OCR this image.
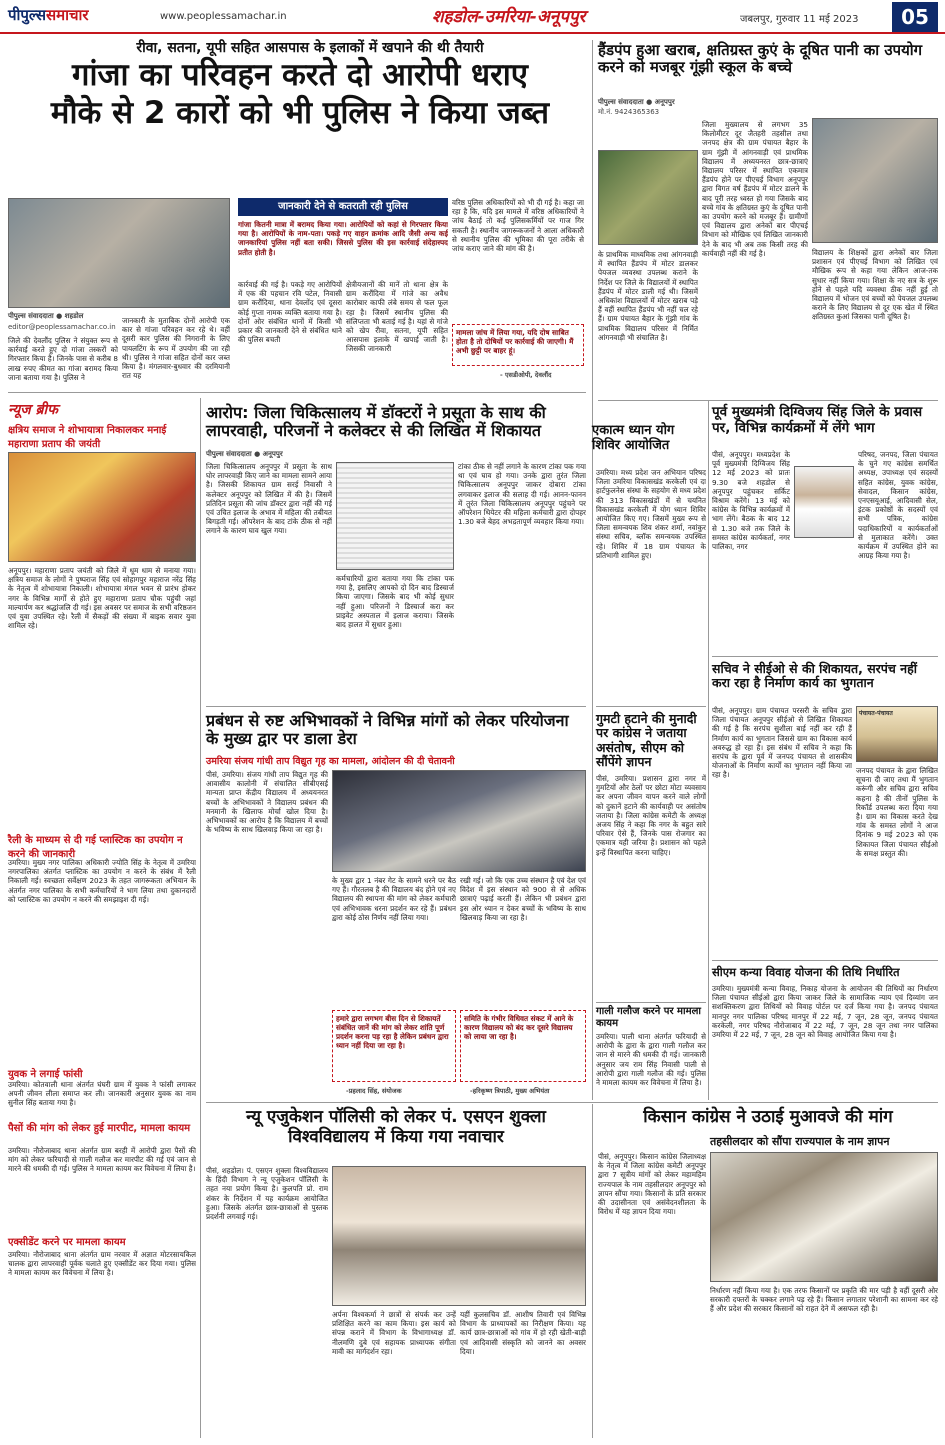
पीपुल्ससमाचार	www.peoplessamachar.in	शहडोल-उमरिया-अनूपपुर	जबलपुर, गुरुवार 11 मई 2023	05
रीवा, सतना, यूपी सहित आसपास के इलाकों में खपाने की थी तैयारी
गांजा का परिवहन करते दो आरोपी धराए
मौके से 2 कारों को भी पुलिस ने किया जब्त
पीपुल्स संवाददाता ● शहडोल
editor@peoplessamachar.co.in
जानकारी देने से कतराती रही पुलिस
गांजा कितनी मात्रा में बरामद किया गया। आरोपियों को कहां से गिरफ्तार किया गया है। आरोपियों के नाम-पता। पकड़े गए वाहन क्रमांक आदि जैसी अन्य कई जानकारियां पुलिस नहीं बता सकी। जिससे पुलिस की इस कार्रवाई संदेहास्पद प्रतीत होती है।
जिले की देवलौंद पुलिस ने संयुक्त रूप से कार्रवाई करते हुए दो गांजा तस्करों को गिरफ्तार किया है। जिनके पास से करीब 8 लाख रुपए कीमत का गांजा बरामद किया जाना बताया गया है। पुलिस ने
जानकारी के मुताबिक दोनों आरोपी एक कार से गांजा परिवहन कर रहे थे। वहीं दूसरी कार पुलिस की निगरानी के लिए पायलटिंग के रूप में उपयोग की जा रही थी। पुलिस ने गांजा सहित दोनों कार जब्त किया है। मंगलवार-बुधवार की दरमियानी रात यह
कार्रवाई की गई है। पकड़े गए आरोपियों में एक की पहचान रवि पटेल, निवासी ग्राम करौंदिया, थाना देवलोंद एवं दूसरा कोई गुप्ता नामक व्यक्ति बताया गया है। दोनों ओर संबंधित थानों में किसी भी प्रकार की जानकारी देने से संबंधित थाने की पुलिस बचती
क्षेत्रीयजानों की मानें तो थाना क्षेत्र के ग्राम करौंदिया में गांजे का अवैध कारोबार काफी लंबे समय से फल फूल रहा है। जिसमें स्थानीय पुलिस की संलिप्तता भी बताई गई है। यहां से गांजे को खेप रीवा, सतना, यूपी सहित आसपास इलाके में खपाई जाती है। जिसकी जानकारी
वरिष्ठ पुलिस अधिकारियों को भी दी गई है। कहा जा रहा है कि, यदि इस मामले में वरिष्ठ अधिकारियों ने जांच बैठाई तो कई पुलिसकर्मियों पर गाज गिर सकती है। स्थानीय जागरूकजनों ने आला अधिकारी से स्थानीय पुलिस की भूमिका की पूरा तरीके से जांच कराए जाने की मांग की है।
मामला जांच में लिया गया, यदि दोष साबित होता है तो दोषियों पर कार्रवाई की जाएगी। मैं अभी छुट्टी पर बाहर हूं।
- एसडीओपी, देवलौंद
हैंडपंप हुआ खराब, क्षतिग्रस्त कुएं के दूषित पानी का उपयोग करने को मजबूर गूंझी स्कूल के बच्चे
पीपुल्स संवाददाता ● अनूपपुर
मो.नं. 9424365363
जिला मुख्यालय से लगभग 35 किलोमीटर दूर जैतहरी तहसील तथा जनपद क्षेत्र की ग्राम पंचायत बैहार के ग्राम गूंझी में आंगनवाड़ी एवं प्राथमिक विद्यालय में अध्ययनरत छात्र-छात्राएं विद्यालय परिसर में स्थापित एकमात्र हैंडपंप होने पर पीएचई विभाग अनूपपुर द्वारा विगत वर्ष हैंडपंप में मोटर डालने के बाद पूरी तरह ध्वस्त हो गया जिसके बाद बच्चे गांव के क्षतिग्रस्त कुएं के दूषित पानी का उपयोग करने को मजबूर हैं। ग्रामीणों एवं विद्यालय द्वारा अनेकों बार पीएचई विभाग को मौखिक एवं लिखित जानकारी देने के बाद भी अब तक किसी तरह की कार्यवाही नहीं की गई है।
के प्राथमिक माध्यमिक तथा आंगनवाड़ी में स्थापित हैंडपंप में मोटर डालकर पेयजल व्यवस्था उपलब्ध कराने के निर्देश पर जिले के विद्यालयों में स्थापित हैंडपंप में मोटर डाली गई थी। जिसमें अधिकांश विद्यालयों में मोटर खराब पड़े हैं वहीं स्थापित हैंडपंप भी नहीं चल रहे हैं। ग्राम पंचायत बैहार के गूंझी गांव के प्राथमिक विद्यालय परिसर में निर्मित आंगनवाड़ी भी संचालित है।
विद्यालय के शिक्षकों द्वारा अनेकों बार जिला प्रशासन एवं पीएचई विभाग को लिखित एवं मौखिक रूप से कहा गया लेकिन आज-तक सुधार नहीं किया गया। शिक्षा के नए सत्र के शुरू होने से पहले यदि व्यवस्था ठीक नहीं हुई तो विद्यालय में भोजन एवं बच्चों को पेयजल उपलब्ध कराने के लिए विद्यालय से दूर एक खेत में स्थित क्षतिग्रस्त कुआं जिसका पानी दूषित है।
पूर्व मुख्यमंत्री दिग्विजय सिंह जिले के प्रवास पर, विभिन्न कार्यक्रमों में लेंगे भाग
पीसं, अनूपपुर। मध्यप्रदेश के पूर्व मुख्यमंत्री दिग्विजय सिंह 12 मई 2023 को प्रातः 9.30 बजे शहडोल से अनूपपुर पहुंचकर सर्किट विश्राम करेंगे। 13 मई को कांग्रेस के विभिन्न कार्यक्रमों में भाग लेंगे। बैठक के बाद 12 से 1.30 बजे तक जिले के समस्त कांग्रेस कार्यकर्ता, नगर पालिका, नगर
परिषद, जनपद, जिला पंचायत के चुने गए कांग्रेस समर्थित अध्यक्ष, उपाध्यक्ष एवं सदस्यों सहित कांग्रेस, युवक कांग्रेस, सेवादल, किसान कांग्रेस, एनएसयूआई, आदिवासी सेल, इंटक प्रकोष्ठों के सदस्यों एवं सभी पत्रिक, कांग्रेस पदाधिकारियों व कार्यकर्ताओं से मुलाकात करेंगे। उक्त कार्यक्रम में उपस्थित होने का आग्रह किया गया है।
सचिव ने सीईओ से की शिकायत, सरपंच नहीं करा रहा है निर्माण कार्य का भुगतान
पंचायत-पंचायत
पीसं, अनूपपुर। ग्राम पंचायत परसरी के सचिव द्वारा जिला पंचायत अनूपपुर सीईओ से लिखित शिकायत की गई है कि सरपंच सुशीला बाई नहीं कर रही हैं निर्माण कार्य का भुगतान जिससे ग्राम का विकास कार्य अवरुद्ध हो रहा है। इस संबंध में सचिव ने कहा कि सरपंच के द्वारा पूर्व में जनपद पंचायत से शासकीय योजनाओं के निर्माण कार्यों का भुगतान नहीं किया जा रहा है।	जनपद पंचायत के द्वारा लिखित सूचना दी जाए तथा मैं भुगतान करूंगी और सचिव द्वारा सचिव कहना है की तीनों पुलिस के रिकॉर्ड उपलब्ध करा दिया गया है। ग्राम का विकास करते देख गांव के समस्त लोगों ने आज दिनांक 9 मई 2023 को एक शिकायत जिला पंचायत सीईओ के समक्ष प्रस्तुत की।
सीएम कन्या विवाह योजना की तिथि निर्धारित
उमरिया। मुख्यमंत्री कन्या विवाह, निकाह योजना के आयोजन की तिथियों का निर्धारण जिला पंचायत सीईओ द्वारा किया जाकर जिले के सामाजिक न्याय एवं दिव्यांग जन सशक्तिकरण द्वारा तिथियों को विवाह पोर्टल पर दर्ज किया गया है। जनपद पंचायत मानपुर नगर पालिका परिषद मानपुर में 22 मई, 7 जून, 28 जून, जनपद पंचायत करकेली, नगर परिषद नौरोजाबाद में 22 मई, 7 जून, 28 जून तथा नगर पालिका उमरिया में 22 मई, 7 जून, 28 जून को विवाह आयोजित किया गया है।
न्यूज ब्रीफ
क्षत्रिय समाज ने शोभायात्रा निकालकर मनाई महाराणा प्रताप की जयंती
अनूपपुर। महाराणा प्रताप जयंती को जिले में धूम धाम से मनाया गया। क्षत्रिय समाज के लोगों ने पुष्पराज सिंह एवं सोहागपुर महाराज नरेंद्र सिंह के नेतृत्व में शोभायात्रा निकाली। शोभायात्रा मंगल भवन से प्रारंभ होकर नगर के विभिन्न मार्गों से होते हुए महाराणा प्रताप चौक पहुंची जहां माल्यार्पण कर श्रद्धांजलि दी गई। इस अवसर पर समाज के सभी वरिष्ठजन एवं युवा उपस्थित रहे। रैली में सैकड़ों की संख्या में बाइक सवार युवा शामिल रहे।
रैली के माध्यम से दी गई प्लास्टिक का उपयोग न करने की जानकारी
उमरिया। मुख्य नगर पालिका अधिकारी ज्योति सिंह के नेतृत्व में उमरिया नगरपालिका अंतर्गत प्लास्टिक का उपयोग न करने के संबंध में रैली निकाली गई। स्वच्छता सर्वेक्षण 2023 के तहत जागरूकता अभियान के अंतर्गत नगर पालिका के सभी कर्मचारियों ने भाग लिया तथा दुकानदारों को प्लास्टिक का उपयोग न करने की समझाइश दी गई।
युवक ने लगाई फांसी
उमरिया। कोतवाली थाना अंतर्गत घंघरी ग्राम में युवक ने फांसी लगाकर अपनी जीवन लीला समाप्त कर ली। जानकारी अनुसार युवक का नाम सुनील सिंह बताया गया है।
पैसों की मांग को लेकर हुई मारपीट, मामला कायम
उमरिया। नौरोजाबाद थाना अंतर्गत ग्राम बरही में आरोपी द्वारा पैसों की मांग को लेकर फरियादी से गाली गलौज कर मारपीट की गई एवं जान से मारने की धमकी दी गई। पुलिस ने मामला कायम कर विवेचना में लिया है।
एक्सीडेंट करने पर मामला कायम
उमरिया। नौरोजाबाद थाना अंतर्गत ग्राम नरवार में अज्ञात मोटरसायकिल चालक द्वारा लापरवाही पूर्वक चलाते हुए एक्सीडेंट कर दिया गया। पुलिस ने मामला कायम कर विवेचना में लिया है।
आरोप: जिला चिकित्सालय में डॉक्टरों ने प्रसूता के साथ की लापरवाही, परिजनों ने कलेक्टर से की लिखित में शिकायत
पीपुल्स संवाददाता ● अनूपपुर
जिला चिकित्सालय अनूपपुर में प्रसूता के साथ घोर लापरवाही किए जाने का मामला सामने आया है। जिसकी शिकायत ग्राम सरई निवासी ने कलेक्टर अनूपपुर को लिखित में की है। जिसमें प्रतिदिन प्रसूता की जांच डॉक्टर द्वारा नहीं की गई एवं उचित इलाज के अभाव में महिला की तबीयत बिगड़ती गई। ऑपरेशन के बाद टांके ठीक से नहीं लगाने के कारण घाव खुल गया।
कर्मचारियों द्वारा बताया गया कि टांका पक गया है, इसलिए आपको दो दिन बाद डिस्चार्ज किया जाएगा। जिसके बाद भी कोई सुधार नहीं हुआ। परिजनों ने डिस्चार्ज करा कर प्राइवेट अस्पताल में इलाज कराया। जिसके बाद हालत में सुधार हुआ।
टांका ठीक से नहीं लगाने के कारण टांका पक गया था एवं घाव हो गया। उनके द्वारा तुरंत जिला चिकित्सालय अनूपपुर जाकर दोबारा टांका लगवाकर इलाज की सलाह दी गई। आनन-फानन में तुरंत जिला चिकित्सालय अनूपपुर पहुंचने पर ऑपरेशन थियेटर की महिला कर्मचारी द्वारा दोपहर 1.30 बजे बेहद अभद्रतापूर्ण व्यवहार किया गया।
एकात्म ध्यान योग शिविर आयोजित
उमरिया। मध्य प्रदेश जन अभियान परिषद जिला उमरिया विकासखंड करकेली एवं दा हार्टफुलनेस संस्था के सहयोग से मध्य प्रदेश की 313 विकासखंडों में से चयनित विकासखंड करकेली में योग ध्यान शिविर आयोजित किए गए। जिसमें मुख्य रूप से जिला समन्वयक शिव शंकर शर्मा, नवांकुर संस्था सचिव, ब्लॉक समन्वयक उपस्थित रहे। शिविर में 18 ग्राम पंचायत के प्रतिभागी शामिल हुए।
प्रबंधन से रुष्ट अभिभावकों ने विभिन्न मांगों को लेकर परियोजना के मुख्य द्वार पर डाला डेरा
उमरिया संजय गांधी ताप विद्युत गृह का मामला, आंदोलन की दी चेतावनी
पीसं, उमरिया। संजय गांधी ताप विद्युत गृह की आवासीय कालोनी में संचालित सीबीएसई मान्यता प्राप्त केंद्रीय विद्यालय में अध्ययनरत बच्चों के अभिभावकों ने विद्यालय प्रबंधन की मनमानी के खिलाफ मोर्चा खोल दिया है। अभिभावकों का आरोप है कि विद्यालय में बच्चों के भविष्य के साथ खिलवाड़ किया जा रहा है।
के मुख्य द्वार 1 नंबर गेट के सामने धरने पर बैठ गए हैं। गौरतलब है की विद्यालय बंद होने एवं नए विद्यालय की स्थापना की मांग को लेकर कर्मचारी एवं अभिभावक धरना प्रदर्शन कर रहे हैं। प्रबंधन द्वारा कोई ठोस निर्णय नहीं लिया गया।
रखी गई। जो कि एक उच्च संस्थान है एवं देश एवं विदेश में इस संस्थान को 900 से से अधिक छात्राएं पढ़ाई करती हैं। लेकिन भी प्रबंधन द्वारा इस ओर ध्यान न देकर बच्चों के भविष्य के साथ खिलवाड़ किया जा रहा है।
हमारे द्वारा लगभग बीस दिन से शिकायतें संबंधित जानें की मांग को लेकर शांति पूर्ण प्रदर्शन करना पड़ रहा है लेकिन प्रबंधन द्वारा ध्यान नहीं दिया जा रहा है।
-प्रहलाद सिंह, संयोजक
समिति के गंभीर विधिवत संकट में आने के कारण विद्यालय को बंद कर दूसरे विद्यालय को लाया जा रहा है।
-हरिकृष्ण त्रिपाठी, मुख्य अभियंता
गुमटी हटाने की मुनादी पर कांग्रेस ने जताया असंतोष, सीएम को सौंपेंगे ज्ञापन
पीसं, उमरिया। प्रशासन द्वारा नगर में गुमटियों और ठेलों पर छोटा मोटा व्यवसाय कर अपना जीवन यापन करने वाले लोगों को दुकानें हटाने की कार्यवाही पर असंतोष जताया है। जिला कांग्रेस कमेटी के अध्यक्ष अजय सिंह ने कहा कि नगर के बहुत सारे परिवार ऐसे हैं, जिनके पास रोजगार का एकमात्र यही जरिया है। प्रशासन को पहले इन्हें विस्थापित करना चाहिए।
गाली गलौज करने पर मामला कायम
उमरिया। पाली थाना अंतर्गत फरियादी से आरोपी के द्वारा के द्वारा गाली गलौज कर जान से मारने की धमकी दी गई। जानकारी अनुसार जय राम सिंह निवासी पाली से आरोपी द्वारा गाली गलौज की गई। पुलिस ने मामला कायम कर विवेचना में लिया है।
न्यू एजुकेशन पॉलिसी को लेकर पं. एसएन शुक्ला विश्वविद्यालय में किया गया नवाचार
पीसं, शहडोल। पं. एसएन शुक्ला विश्वविद्यालय के हिंदी विभाग ने न्यू एजुकेशन पॉलिसी के तहत नया प्रयोग किया है। कुलपति प्रो. राम शंकर के निर्देशन में यह कार्यक्रम आयोजित हुआ। जिसके अंतर्गत छात्र-छात्राओं से पुस्तक प्रदर्शनी लगवाई गई।
अर्पना विश्वकर्मा ने छात्रों से संपर्क कर उन्हें प्रशिक्षित करने का काम किया। इस कार्य को संपन्न कराने में विभाग के विभागाध्यक्ष डॉ. नीलमणि दुबे एवं सहायक प्राध्यापक संगीता मावी का मार्गदर्शन रहा।
यहीं कुलसचिव डॉ. आशीष तिवारी एवं विभिन्न विभाग के प्राध्यापकों का निरीक्षण किया। यह कार्य छात्र-छात्राओं को गांव में हो रही खेती-बाड़ी एवं आदिवासी संस्कृति को जानने का अवसर दिया।
किसान कांग्रेस ने उठाई मुआवजे की मांग
तहसीलदार को सौंपा राज्यपाल के नाम ज्ञापन
पीसं, अनूपपुर। किसान कांग्रेस जिलाध्यक्ष के नेतृत्व में जिला कांग्रेस कमेटी अनूपपुर द्वारा 7 सूत्रीय मांगों को लेकर महामहिम राज्यपाल के नाम तहसीलदार अनूपपुर को ज्ञापन सौंपा गया। किसानों के प्रति सरकार की उदासीनता एवं असंवेदनशीलता के विरोध में यह ज्ञापन दिया गया।
निर्धारण नहीं किया गया है। एक तरफ किसानों पर प्रकृति की मार पड़ी है वहीं दूसरी ओर सरकारी दफ्तरों के चक्कर लगाने पड़ रहे हैं। किसान लगातार परेशानी का सामना कर रहे हैं और प्रदेश की सरकार किसानों को राहत देने में असफल रही है।
